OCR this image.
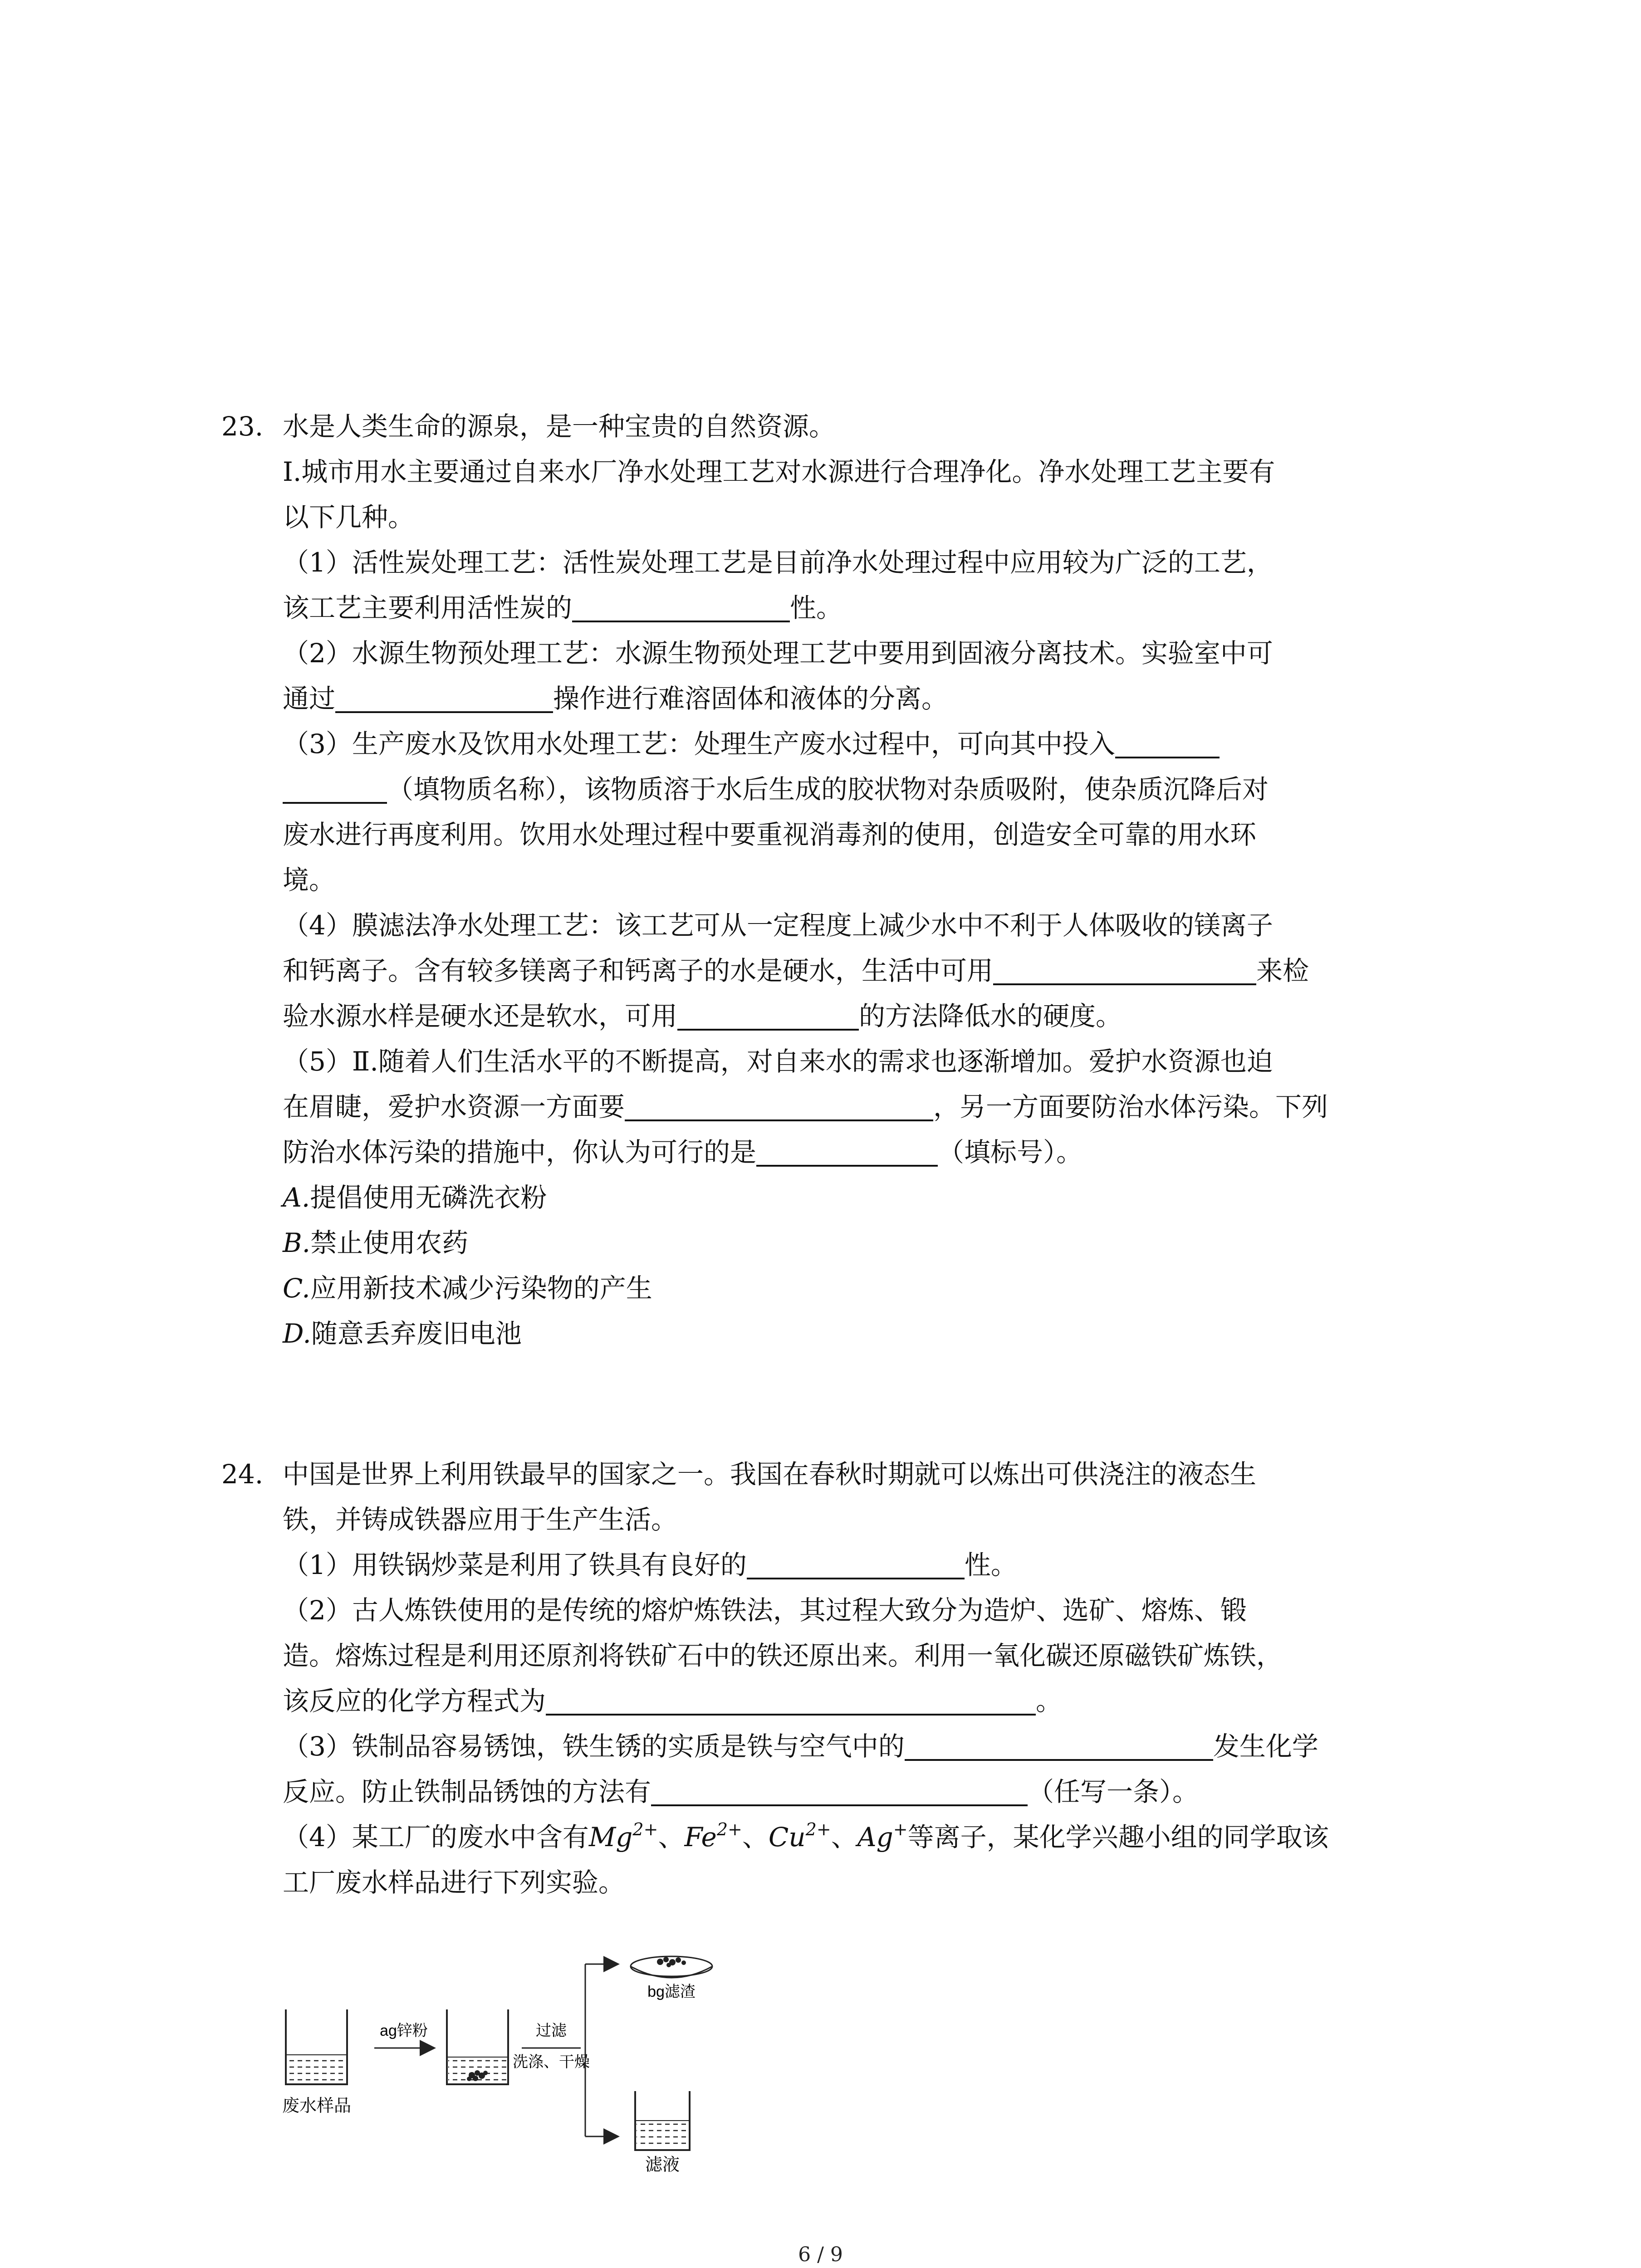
23. 水是人类生命的源泉，是一种宝贵的自然资源。
Ⅰ.城市用水主要通过自来水厂净水处理工艺对水源进行合理净化。净水处理工艺主要有
以下几种。
（1）活性炭处理工艺：活性炭处理工艺是目前净水处理过程中应用较为广泛的工艺，
该工艺主要利用活性炭的	性。
（2）水源生物预处理工艺：水源生物预处理工艺中要用到固液分离技术。实验室中可
通过	操作进行难溶固体和液体的分离。
（3）生产废水及饮用水处理工艺：处理生产废水过程中，可向其中投入
（填物质名称），该物质溶于水后生成的胶状物对杂质吸附，使杂质沉降后对
废水进行再度利用。饮用水处理过程中要重视消毒剂的使用，创造安全可靠的用水环
境。
（4）膜滤法净水处理工艺：该工艺可从一定程度上减少水中不利于人体吸收的镁离子
和钙离子。含有较多镁离子和钙离子的水是硬水，生活中可用	来检
验水源水样是硬水还是软水，可用	的方法降低水的硬度。
（5）Ⅱ.随着人们生活水平的不断提高，对自来水的需求也逐渐增加。爱护水资源也迫
在眉睫，爱护水资源一方面要	，另一方面要防治水体污染。下列
防治水体污染的措施中，你认为可行的是	（填标号）。
A.提倡使用无磷洗衣粉
B.禁止使用农药
C.应用新技术减少污染物的产生
D.随意丢弃废旧电池
24. 中国是世界上利用铁最早的国家之一。我国在春秋时期就可以炼出可供浇注的液态生
铁，并铸成铁器应用于生产生活。
（1）用铁锅炒菜是利用了铁具有良好的	性。
（2）古人炼铁使用的是传统的熔炉炼铁法，其过程大致分为造炉、选矿、熔炼、锻
造。熔炼过程是利用还原剂将铁矿石中的铁还原出来。利用一氧化碳还原磁铁矿炼铁，
该反应的化学方程式为	。
（3）铁制品容易锈蚀，铁生锈的实质是铁与空气中的	发生化学
反应。防止铁制品锈蚀的方法有	（任写一条）。
（4）某工厂的废水中含有$Mg^{2+}$、$Fe^{2+}$、$Cu^{2+}$、Ag+等离子，某化学兴趣小组的同学取该
工厂废水样品进行下列实验。
废水样品
ag锌粉	过滤
洗涤、干燥
bg滤渣
滤液
6 / 9
